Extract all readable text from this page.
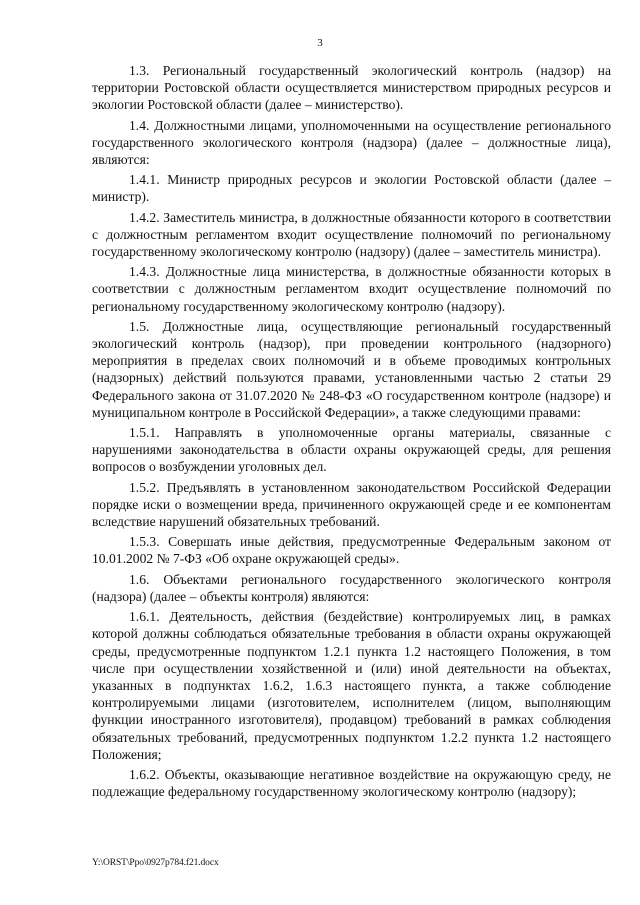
3

1.3. Региональный государственный экологический контроль (надзор) на территории Ростовской области осуществляется министерством природных ресурсов и экологии Ростовской области (далее – министерство).

1.4. Должностными лицами, уполномоченными на осуществление регионального государственного экологического контроля (надзора) (далее – должностные лица), являются:

1.4.1. Министр природных ресурсов и экологии Ростовской области (далее – министр).

1.4.2. Заместитель министра, в должностные обязанности которого в соответствии с должностным регламентом входит осуществление полномочий по региональному государственному экологическому контролю (надзору) (далее – заместитель министра).

1.4.3. Должностные лица министерства, в должностные обязанности которых в соответствии с должностным регламентом входит осуществление полномочий по региональному государственному экологическому контролю (надзору).

1.5. Должностные лица, осуществляющие региональный государственный экологический контроль (надзор), при проведении контрольного (надзорного) мероприятия в пределах своих полномочий и в объеме проводимых контрольных (надзорных) действий пользуются правами, установленными частью 2 статьи 29 Федерального закона от 31.07.2020 № 248-ФЗ «О государственном контроле (надзоре) и муниципальном контроле в Российской Федерации», а также следующими правами:

1.5.1. Направлять в уполномоченные органы материалы, связанные с нарушениями законодательства в области охраны окружающей среды, для решения вопросов о возбуждении уголовных дел.

1.5.2. Предъявлять в установленном законодательством Российской Федерации порядке иски о возмещении вреда, причиненного окружающей среде и ее компонентам вследствие нарушений обязательных требований.

1.5.3. Совершать иные действия, предусмотренные Федеральным законом от 10.01.2002 № 7-ФЗ «Об охране окружающей среды».

1.6. Объектами регионального государственного экологического контроля (надзора) (далее – объекты контроля) являются:

1.6.1. Деятельность, действия (бездействие) контролируемых лиц, в рамках которой должны соблюдаться обязательные требования в области охраны окружающей среды, предусмотренные подпунктом 1.2.1 пункта 1.2 настоящего Положения, в том числе при осуществлении хозяйственной и (или) иной деятельности на объектах, указанных в подпунктах 1.6.2, 1.6.3 настоящего пункта, а также соблюдение контролируемыми лицами (изготовителем, исполнителем (лицом, выполняющим функции иностранного изготовителя), продавцом) требований в рамках соблюдения обязательных требований, предусмотренных подпунктом 1.2.2 пункта 1.2 настоящего Положения;

1.6.2. Объекты, оказывающие негативное воздействие на окружающую среду, не подлежащие федеральному государственному экологическому контролю (надзору);

Y:\ORST\Ppo\0927p784.f21.docx
